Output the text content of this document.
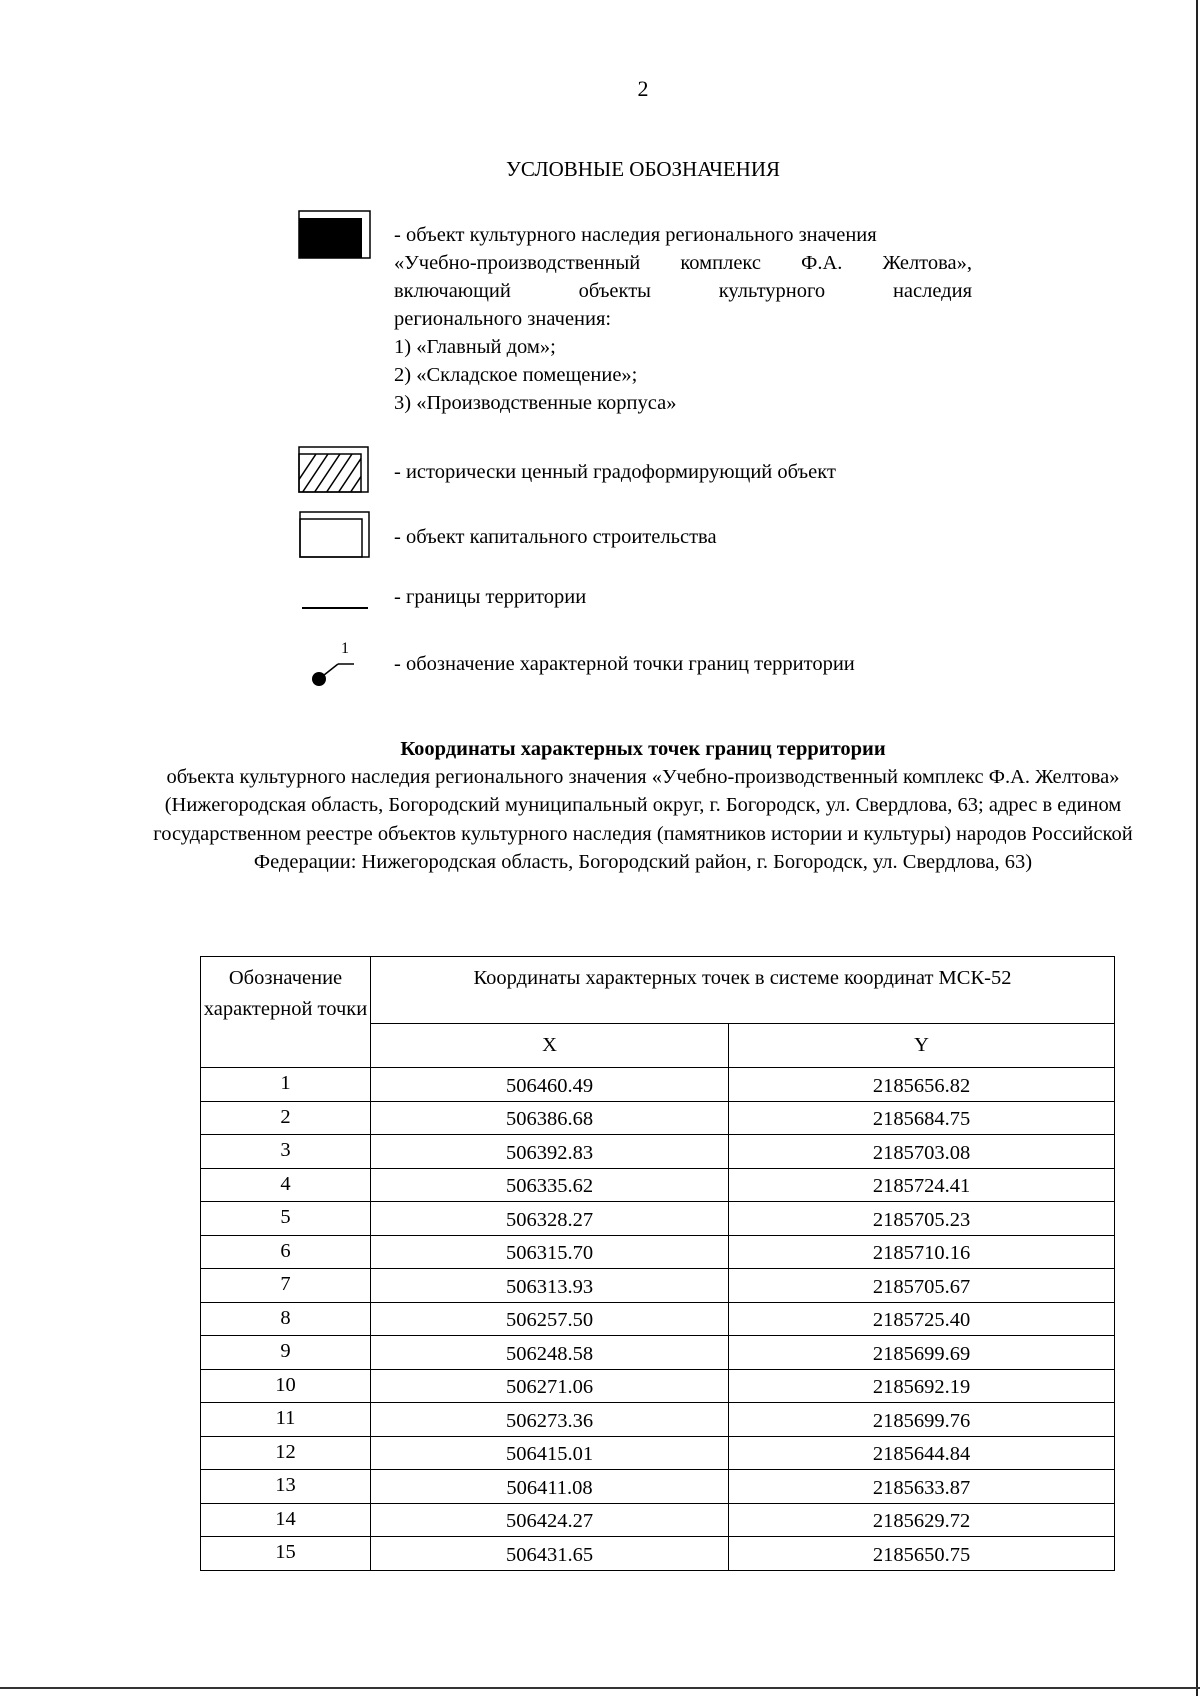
2
УСЛОВНЫЕ ОБОЗНАЧЕНИЯ
- объект культурного наследия регионального значения
«Учебно-производственный комплекс Ф.А. Желтова»,
включающий объекты культурного наследия
регионального значения:
1) «Главный дом»;
2) «Складское помещение»;
3) «Производственные корпуса»
- исторически ценный градоформирующий объект
- объект капитального строительства
- границы территории
1
- обозначение характерной точки границ территории
Координаты характерных точек границ территории
объекта культурного наследия регионального значения «Учебно-производственный комплекс Ф.А. Желтова» (Нижегородская область, Богородский муниципальный округ, г. Богородск, ул. Свердлова, 63; адрес в едином государственном реестре объектов культурного наследия (памятников истории и культуры) народов Российской Федерации: Нижегородская область, Богородский район, г. Богородск, ул. Свердлова, 63)
Обозначение характерной точки	Координаты характерных точек в системе координат МСК-52	
	X	Y
1	506460.49	2185656.82
2	506386.68	2185684.75
3	506392.83	2185703.08
4	506335.62	2185724.41
5	506328.27	2185705.23
6	506315.70	2185710.16
7	506313.93	2185705.67
8	506257.50	2185725.40
9	506248.58	2185699.69
10	506271.06	2185692.19
11	506273.36	2185699.76
12	506415.01	2185644.84
13	506411.08	2185633.87
14	506424.27	2185629.72
15	506431.65	2185650.75
